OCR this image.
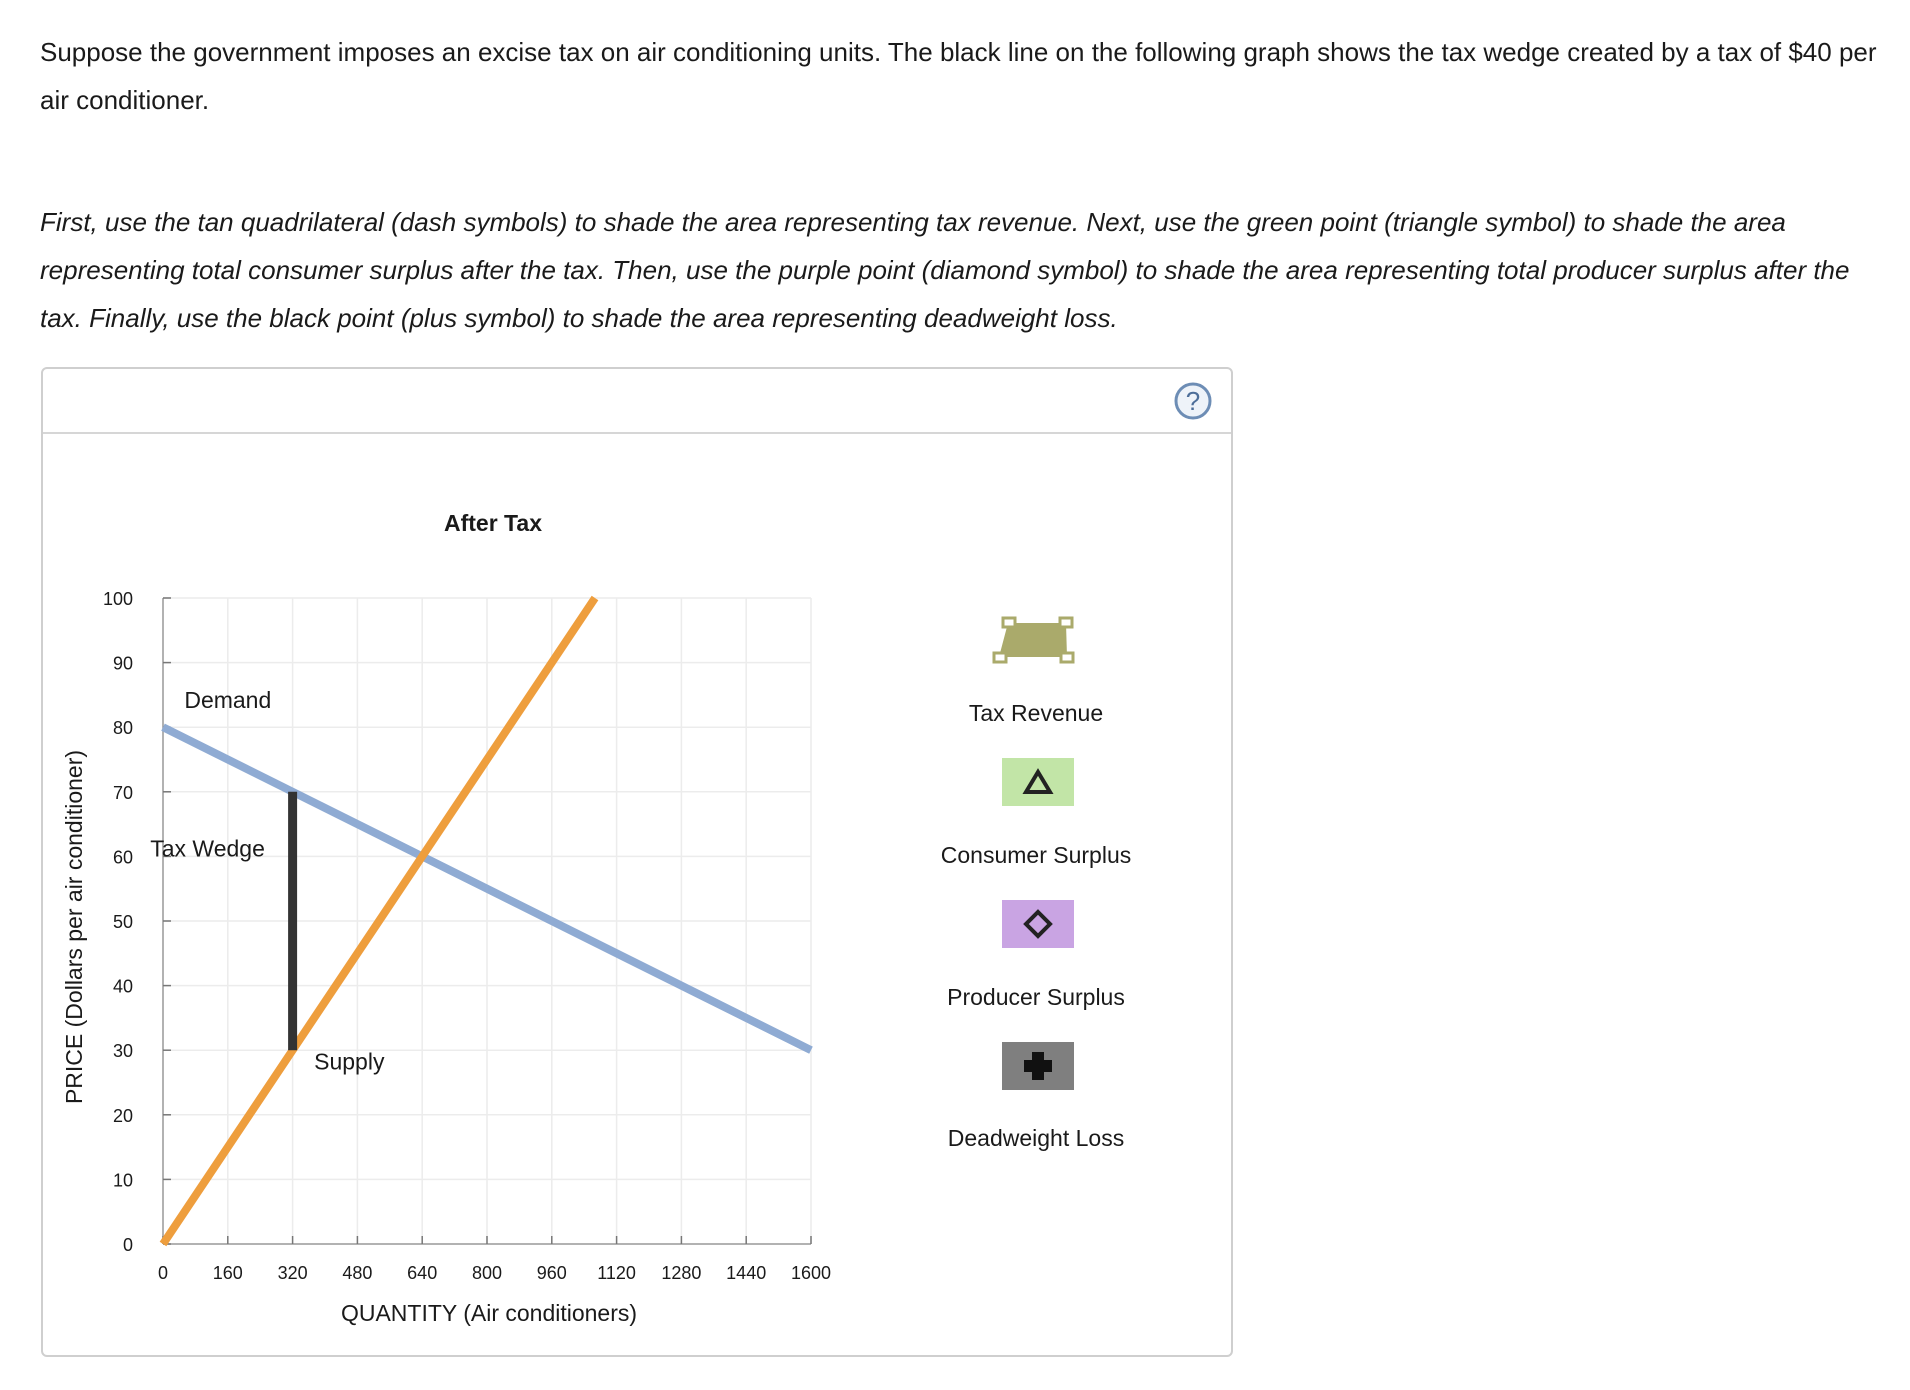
Suppose the government imposes an excise tax on air conditioning units. The black line on the following graph shows the tax wedge created by a tax of $40 per air conditioner.
First, use the tan quadrilateral (dash symbols) to shade the area representing tax revenue. Next, use the green point (triangle symbol) to shade the area representing total consumer surplus after the tax. Then, use the purple point (diamond symbol) to shade the area representing total producer surplus after the tax. Finally, use the black point (plus symbol) to shade the area representing deadweight loss.
?
After Tax
QUANTITY (Air conditioners)
PRICE (Dollars per air conditioner)
0
10
20
30
40
50
60
70
80
90
100
0 160 320 480 640 800 960 1120 1280 1440 1600
Demand
Tax Wedge
Supply
Tax Revenue
Consumer Surplus
Producer Surplus
Deadweight Loss
